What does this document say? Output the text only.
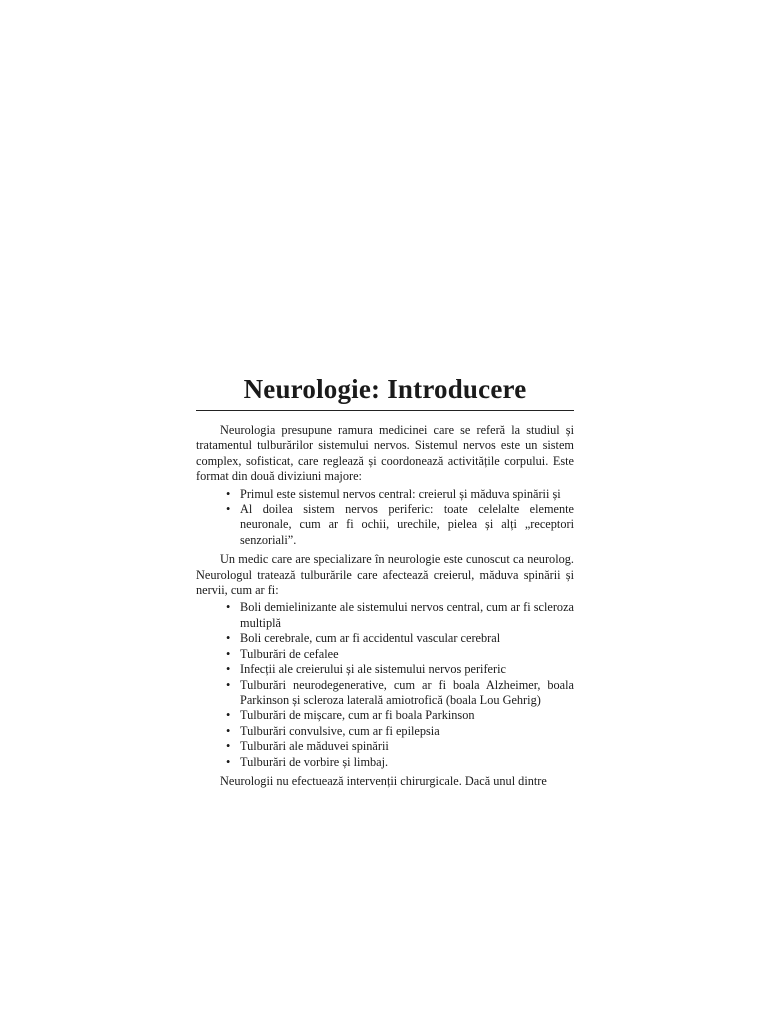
Neurologie: Introducere

Neurologia presupune ramura medicinei care se referă la studiul și tratamentul tulburărilor sistemului nervos. Sistemul nervos este un sistem complex, sofisticat, care reglează și coordonează activitățile corpului. Este format din două diviziuni majore:

• Primul este sistemul nervos central: creierul și măduva spinării și
• Al doilea sistem nervos periferic: toate celelalte elemente neuronale, cum ar fi ochii, urechile, pielea și alți „receptori senzoriali”.

Un medic care are specializare în neurologie este cunoscut ca neurolog. Neurologul tratează tulburările care afectează creierul, măduva spinării și nervii, cum ar fi:

• Boli demielinizante ale sistemului nervos central, cum ar fi scleroza multiplă
• Boli cerebrale, cum ar fi accidentul vascular cerebral
• Tulburări de cefalee
• Infecții ale creierului și ale sistemului nervos periferic
• Tulburări neurodegenerative, cum ar fi boala Alzheimer, boala Parkinson și scleroza laterală amiotrofică (boala Lou Gehrig)
• Tulburări de mișcare, cum ar fi boala Parkinson
• Tulburări convulsive, cum ar fi epilepsia
• Tulburări ale măduvei spinării
• Tulburări de vorbire și limbaj.

Neurologii nu efectuează intervenții chirurgicale. Dacă unul dintre
